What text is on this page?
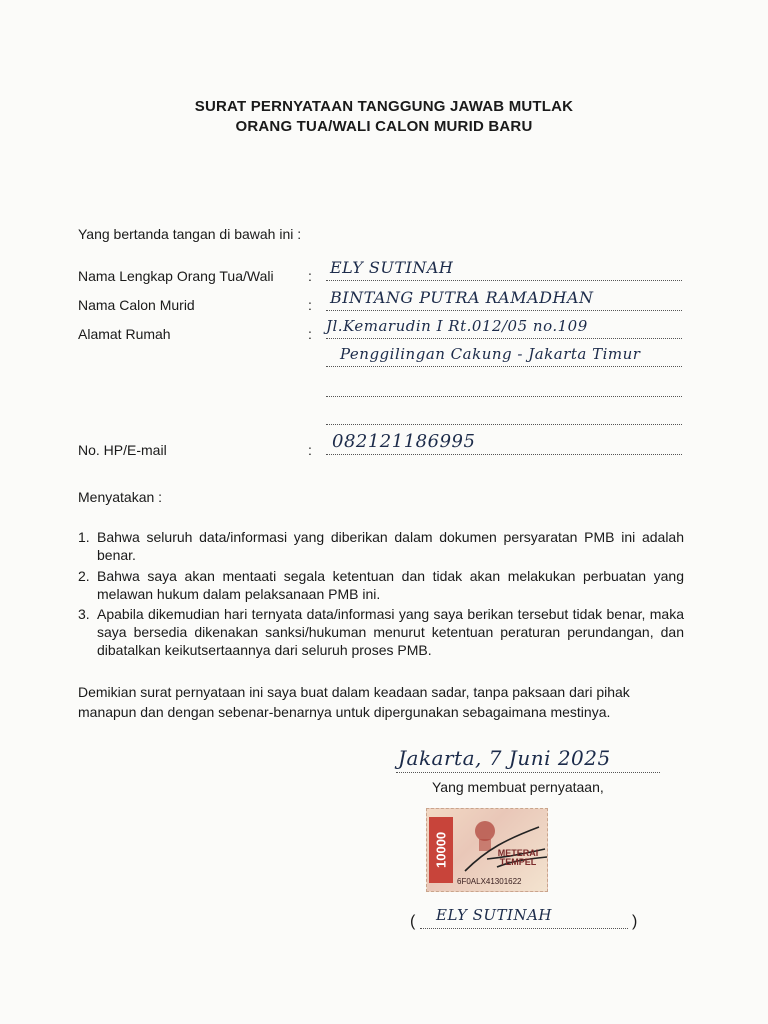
SURAT PERNYATAAN TANGGUNG JAWAB MUTLAK
ORANG TUA/WALI CALON MURID BARU
Yang bertanda tangan di bawah ini :
Nama Lengkap Orang Tua/Wali : ELY SUTINAH
Nama Calon Murid	: BINTANG PUTRA RAMADHAN
Alamat Rumah	: Jl.Kemarudin I Rt.012/05 no.109
Penggilingan Cakung - Jakarta Timur
No. HP/E-mail	: 082121186995
Menyatakan :
1. Bahwa seluruh data/informasi yang diberikan dalam dokumen persyaratan PMB ini adalah benar.
2. Bahwa saya akan mentaati segala ketentuan dan tidak akan melakukan perbuatan yang melawan hukum dalam pelaksanaan PMB ini.
3. Apabila dikemudian hari ternyata data/informasi yang saya berikan tersebut tidak benar, maka saya bersedia dikenakan sanksi/hukuman menurut ketentuan peraturan perundangan, dan dibatalkan keikutsertaannya dari seluruh proses PMB.
Demikian surat pernyataan ini saya buat dalam keadaan sadar, tanpa paksaan dari pihak manapun dan dengan sebenar-benarnya untuk dipergunakan sebagaimana mestinya.
Jakarta, 7 Juni 2025
Yang membuat pernyataan,
10000	METERAI TEMPEL
6F0ALX41301622
( ELY SUTINAH	)
